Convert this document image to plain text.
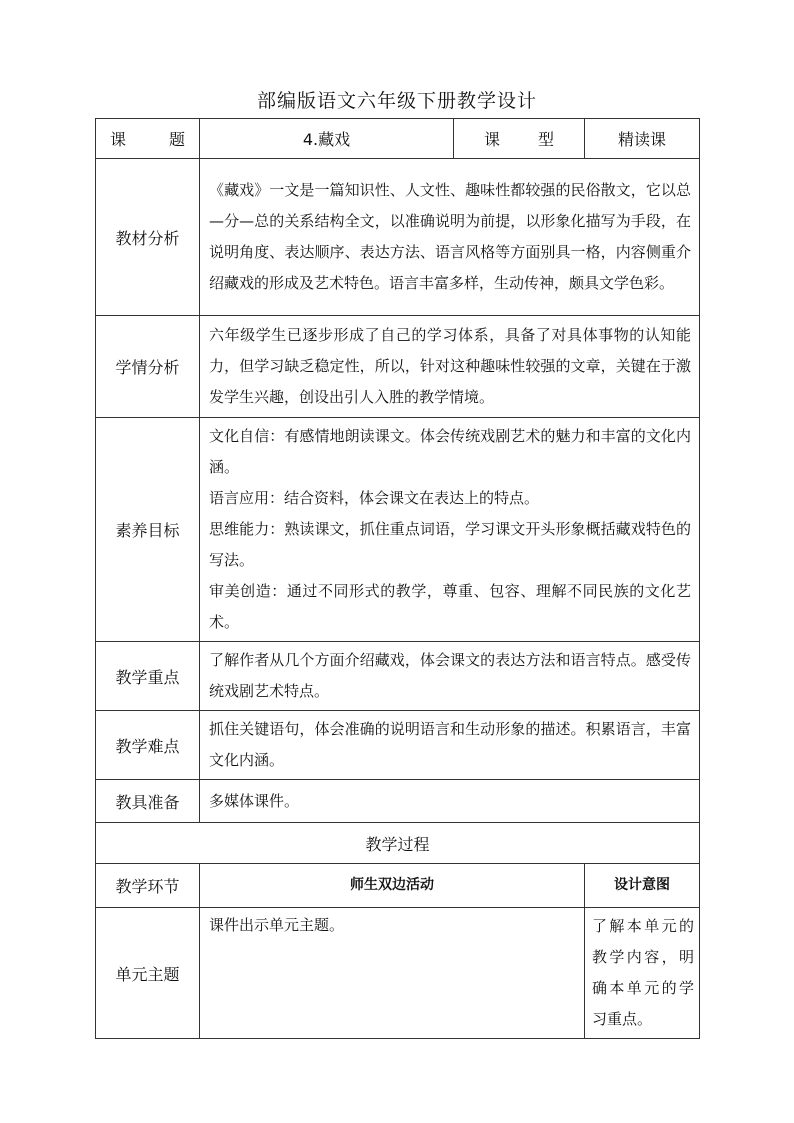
部编版语文六年级下册教学设计
课 题	4.藏戏	课 型	精读课
教材分析	《藏戏》一文是一篇知识性、人文性、趣味性都较强的民俗散文，它以总—分—总的关系结构全文，以准确说明为前提，以形象化描写为手段，在说明角度、表达顺序、表达方法、语言风格等方面别具一格，内容侧重介绍藏戏的形成及艺术特色。语言丰富多样，生动传神，颇具文学色彩。		
学情分析	六年级学生已逐步形成了自己的学习体系，具备了对具体事物的认知能力，但学习缺乏稳定性，所以，针对这种趣味性较强的文章，关键在于激发学生兴趣，创设出引人入胜的教学情境。		
素养目标	文化自信：有感情地朗读课文。体会传统戏剧艺术的魅力和丰富的文化内涵。

语言应用：结合资料，体会课文在表达上的特点。

思维能力：熟读课文，抓住重点词语，学习课文开头形象概括藏戏特色的写法。

审美创造：通过不同形式的教学，尊重、包容、理解不同民族的文化艺术。		

教学重点	了解作者从几个方面介绍藏戏，体会课文的表达方法和语言特点。感受传统戏剧艺术特点。		
教学难点	抓住关键语句，体会准确的说明语言和生动形象的描述。积累语言，丰富文化内涵。		
教具准备	多媒体课件。		
教学过程			
教学环节	师生双边活动		设计意图
单元主题	课件出示单元主题。		了解本单元的教学内容，明确本单元的学习重点。
